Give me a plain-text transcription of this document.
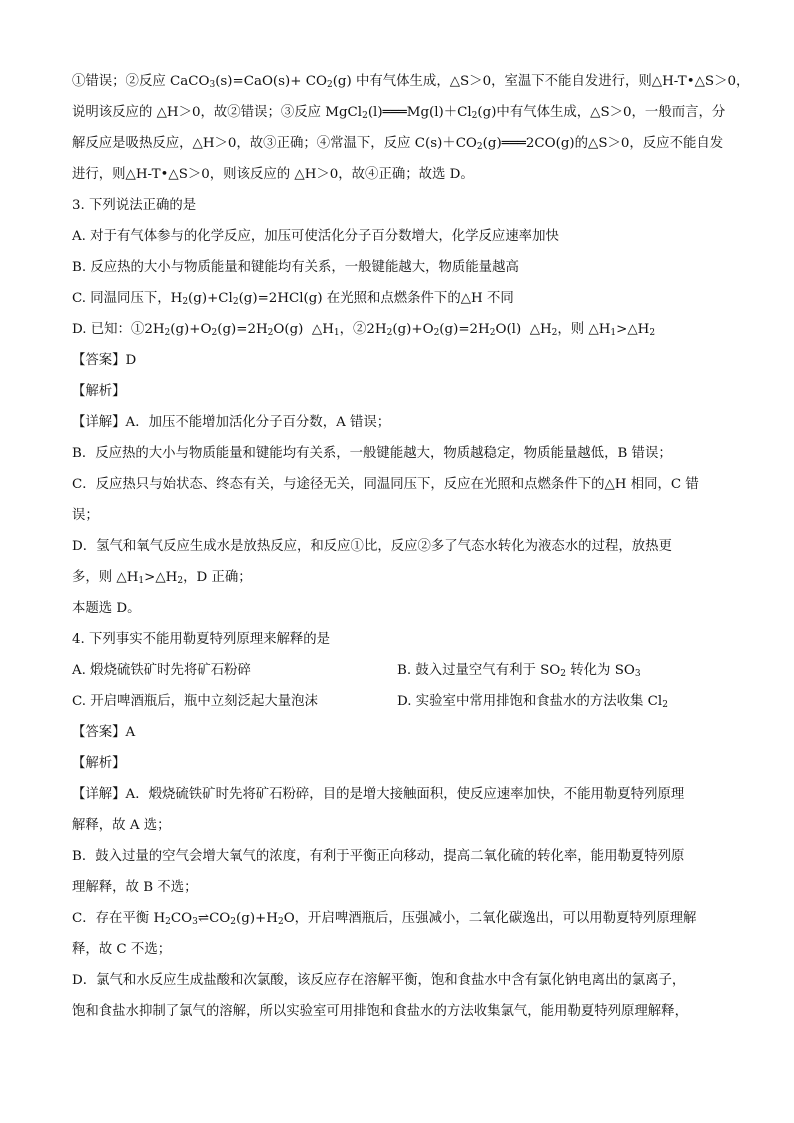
①错误；②反应 CaCO$_3$(s)=CaO(s)+ $CO_2(g)$ 中有气体生成，△S＞0，室温下不能自发进行，则△H-T•△S＞0，
说明该反应的 △H＞0，故②错误；③反应 $MgCl_2(l)═══Mg(l)+Cl_2(g)$中有气体生成，△S＞0，一般而言，分
解反应是吸热反应，△H＞0，故③正确；④常温下，反应 $C(s)+CO_2(g)═══2CO(g)$的△S＞0，反应不能自发
进行，则△H-T•△S＞0，则该反应的 △H＞0，故④正确；故选 D。
3. 下列说法正确的是
A. 对于有气体参与的化学反应，加压可使活化分子百分数增大，化学反应速率加快
B. 反应热的大小与物质能量和键能均有关系，一般键能越大，物质能量越高
C. 同温同压下，$H_2(g)+Cl_2(g)=2HCl(g)$ 在光照和点燃条件下的△H 不同
D. 已知：$①2H_2(g)+O_2(g)=2H_2O(g)$  $\triangle H_1$，$②2H_2(g)+O_2(g)=2H_2O(l)$  $\triangle H_2$，则 $\triangle H_1>\triangle H_2$
【答案】D
【解析】
【详解】A．加压不能增加活化分子百分数，A 错误；
B．反应热的大小与物质能量和键能均有关系，一般键能越大，物质越稳定，物质能量越低，B 错误；
C．反应热只与始状态、终态有关，与途径无关，同温同压下，反应在光照和点燃条件下的△H 相同，C 错
误；
D．氢气和氧气反应生成水是放热反应，和反应①比，反应②多了气态水转化为液态水的过程，放热更
多，则 $\triangle H_1>\triangle H_2$，D 正确；
本题选 D。
4. 下列事实不能用勒夏特列原理来解释的是
A. 煅烧硫铁矿时先将矿石粉碎	B. 鼓入过量空气有利于 $SO_2$ 转化为 $SO_3$
C. 开启啤酒瓶后，瓶中立刻泛起大量泡沫	D. 实验室中常用排饱和食盐水的方法收集 $Cl_2$
【答案】A
【解析】
【详解】A．煅烧硫铁矿时先将矿石粉碎，目的是增大接触面积，使反应速率加快，不能用勒夏特列原理
解释，故 A 选；
B．鼓入过量的空气会增大氧气的浓度，有利于平衡正向移动，提高二氧化硫的转化率，能用勒夏特列原
理解释，故 B 不选；
C．存在平衡 $H_2CO_3\rightleftharpoons CO_2(g)+H_2O$，开启啤酒瓶后，压强减小，二氧化碳逸出，可以用勒夏特列原理解
释，故 C 不选；
D．氯气和水反应生成盐酸和次氯酸，该反应存在溶解平衡，饱和食盐水中含有氯化钠电离出的氯离子，
饱和食盐水抑制了氯气的溶解，所以实验室可用排饱和食盐水的方法收集氯气，能用勒夏特列原理解释，
